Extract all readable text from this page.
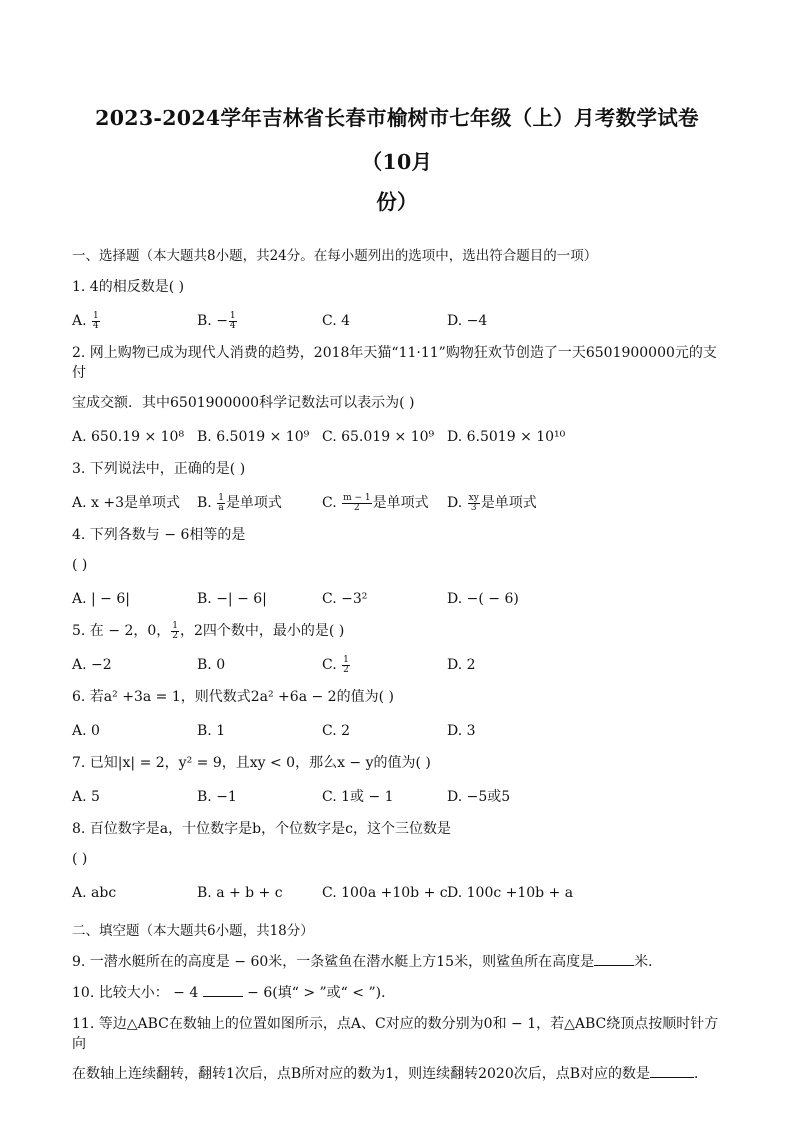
2023-2024学年吉林省长春市榆树市七年级（上）月考数学试卷（10月
份）
一、选择题（本大题共8小题，共24分。在每小题列出的选项中，选出符合题目的一项）
1. 4的相反数是( )
A. $\frac{1}{4}$	B. − $\frac{1}{4}$	C. 4	D. −4
2. 网上购物已成为现代人消费的趋势，2018年天猫“11·11”购物狂欢节创造了一天6501900000元的支付
宝成交额．其中6501900000科学记数法可以表示为( )
A. 650.19 × 10⁸ B. 6.5019 × 10⁹ C. 65.019 × 10⁹ D. 6.5019 × 10¹⁰
3. 下列说法中，正确的是( )
A. x +3是单项式	B. $\frac{1}{a}$ 是单项式	C. $\frac{m - 1}{2}$ 是单项式	D. $\frac{xy}{3}$ 是单项式
4. 下列各数与 − 6相等的是
( )
A. | − 6|	B. −| − 6|	C. −3²	D. −( − 6)
5. 在 − 2，0， $\frac{1}{2}$ ，2四个数中，最小的是( )
A. −2	B. 0	C. $\frac{1}{2}$	D. 2
6. 若a² +3a = 1，则代数式2a² +6a − 2的值为( )
A. 0	B. 1	C. 2	D. 3
7. 已知|x| = 2，y² = 9，且xy < 0，那么x − y的值为( )
A. 5	B. −1	C. 1或 − 1	D. −5或5
8. 百位数字是a，十位数字是b，个位数字是c，这个三位数是
( )
A. abc	B. a + b + c	C. 100a +10b + c D. 100c +10b + a
二、填空题（本大题共6小题，共18分）
9. 一潜水艇所在的高度是 − 60米，一条鲨鱼在潜水艇上方15米，则鲨鱼所在高度是	米．
10. 比较大小： − 4	− 6(填“ > ”或“ < ”)．
11. 等边△ABC在数轴上的位置如图所示，点A、C对应的数分别为0和 − 1，若△ABC绕顶点按顺时针方向
在数轴上连续翻转，翻转1次后，点B所对应的数为1，则连续翻转2020次后，点B对应的数是	．
